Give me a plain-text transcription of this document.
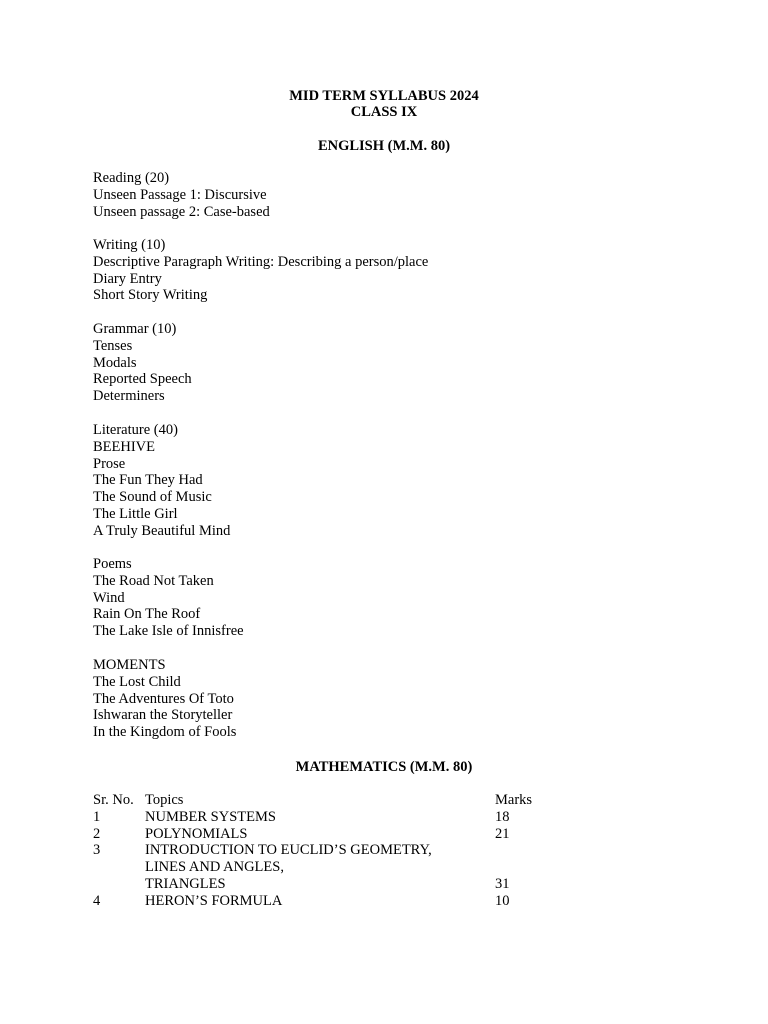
MID TERM SYLLABUS 2024
CLASS IX
ENGLISH (M.M. 80)
Reading (20)
Unseen Passage 1: Discursive
Unseen passage 2: Case-based
Writing (10)
Descriptive Paragraph Writing: Describing a person/place
Diary Entry
Short Story Writing
Grammar (10)
Tenses
Modals
Reported Speech
Determiners
Literature (40)
BEEHIVE
Prose
The Fun They Had
The Sound of Music
The Little Girl
A Truly Beautiful Mind
Poems
The Road Not Taken
Wind
Rain On The Roof
The Lake Isle of Innisfree
MOMENTS
The Lost Child
The Adventures Of Toto
Ishwaran the Storyteller
In the Kingdom of Fools
MATHEMATICS (M.M. 80)
Sr. No. Topics	Marks
1	NUMBER SYSTEMS	18
2	POLYNOMIALS	21
3	INTRODUCTION TO EUCLID’S GEOMETRY,
LINES AND ANGLES,
TRIANGLES	31
4	HERON’S FORMULA	10
